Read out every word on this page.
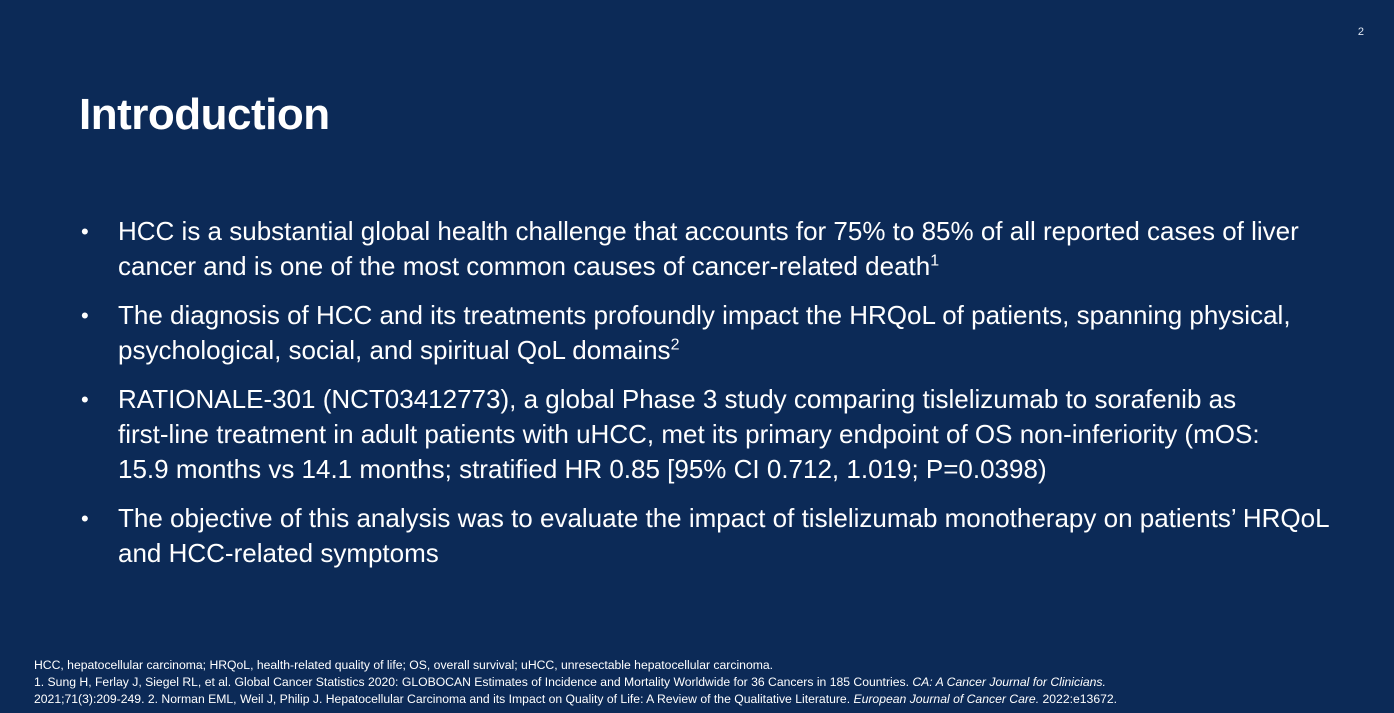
2
Introduction
• HCC is a substantial global health challenge that accounts for 75% to 85% of all reported cases of liver cancer and is one of the most common causes of cancer-related death$^1$
• The diagnosis of HCC and its treatments profoundly impact the HRQoL of patients, spanning physical, psychological, social, and spiritual QoL domains$^2$
• RATIONALE-301 (NCT03412773), a global Phase 3 study comparing tislelizumab to sorafenib as first-line treatment in adult patients with uHCC, met its primary endpoint of OS non-inferiority (mOS: 15.9 months vs 14.1 months; stratified HR 0.85 [95% CI 0.712, 1.019; P=0.0398)
• The objective of this analysis was to evaluate the impact of tislelizumab monotherapy on patients’ HRQoL and HCC-related symptoms

HCC, hepatocellular carcinoma; HRQoL, health-related quality of life; OS, overall survival; uHCC, unresectable hepatocellular carcinoma.

1. Sung H, Ferlay J, Siegel RL, et al. Global Cancer Statistics 2020: GLOBOCAN Estimates of Incidence and Mortality Worldwide for 36 Cancers in 185 Countries. CA: A Cancer Journal for Clinicians.

2021;71(3):209-249. 2. Norman EML, Weil J, Philip J. Hepatocellular Carcinoma and its Impact on Quality of Life: A Review of the Qualitative Literature. European Journal of Cancer Care. 2022:e13672.
